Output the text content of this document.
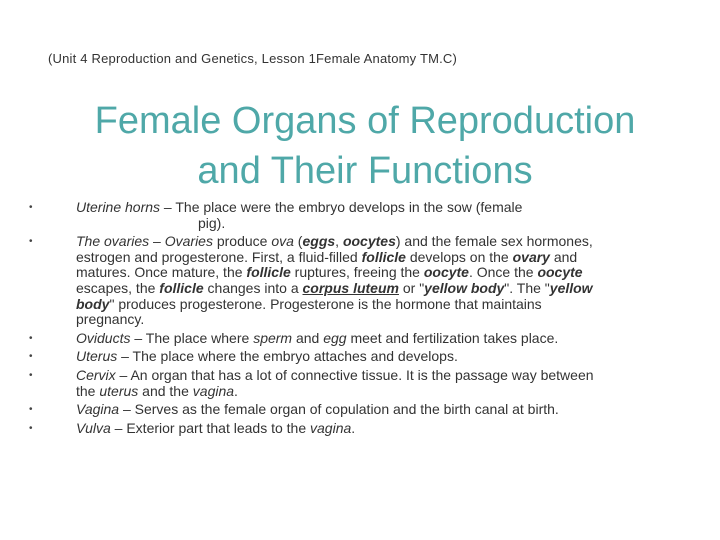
(Unit 4 Reproduction and Genetics, Lesson 1Female Anatomy TM.C)
Female Organs of Reproduction
and Their Functions
•	Uterine horns – The place were the embryo develops in the sow (female
pig).
•	The ovaries – Ovaries produce ova (eggs, oocytes) and the female sex hormones,
estrogen and progesterone. First, a fluid-filled follicle develops on the ovary and
matures. Once mature, the follicle ruptures, freeing the oocyte. Once the oocyte
escapes, the follicle changes into a corpus luteum or "yellow body". The "yellow
body" produces progesterone. Progesterone is the hormone that maintains
pregnancy.
•	Oviducts – The place where sperm and egg meet and fertilization takes place.
•	Uterus – The place where the embryo attaches and develops.
•	Cervix – An organ that has a lot of connective tissue. It is the passage way between
the uterus and the vagina.
•	Vagina – Serves as the female organ of copulation and the birth canal at birth.
•	Vulva – Exterior part that leads to the vagina.
